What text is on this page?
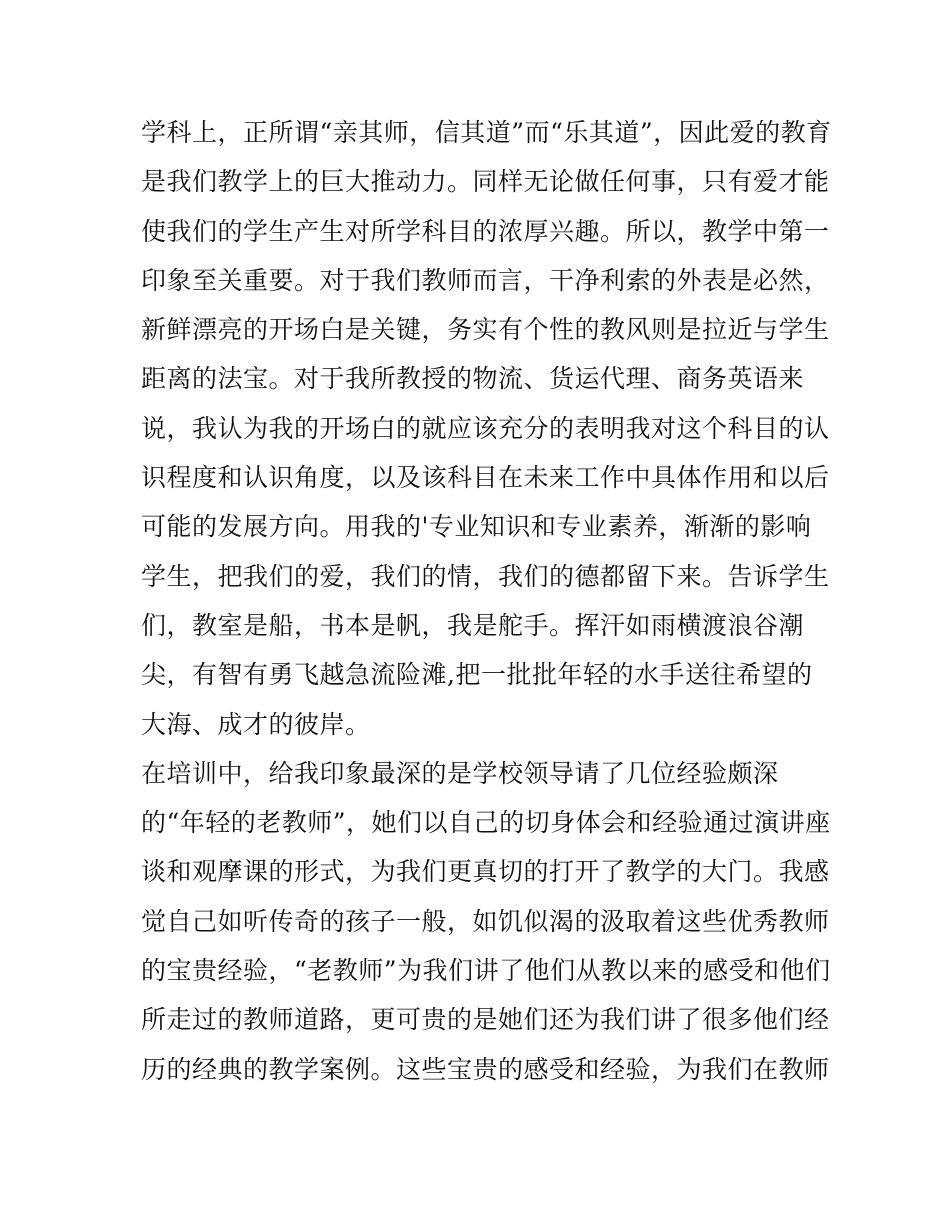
学科上，正所谓“亲其师，信其道”而“乐其道”，因此爱的教育
是我们教学上的巨大推动力。同样无论做任何事，只有爱才能
使我们的学生产生对所学科目的浓厚兴趣。所以，教学中第一
印象至关重要。对于我们教师而言，干净利索的外表是必然，
新鲜漂亮的开场白是关键，务实有个性的教风则是拉近与学生
距离的法宝。对于我所教授的物流、货运代理、商务英语来
说，我认为我的开场白的就应该充分的表明我对这个科目的认
识程度和认识角度，以及该科目在未来工作中具体作用和以后
可能的发展方向。用我的'专业知识和专业素养，渐渐的影响
学生，把我们的爱，我们的情，我们的德都留下来。告诉学生
们，教室是船，书本是帆，我是舵手。挥汗如雨横渡浪谷潮
尖，有智有勇飞越急流险滩,把一批批年轻的水手送往希望的
大海、成才的彼岸。
在培训中，给我印象最深的是学校领导请了几位经验颇深
的“年轻的老教师”，她们以自己的切身体会和经验通过演讲座
谈和观摩课的形式，为我们更真切的打开了教学的大门。我感
觉自己如听传奇的孩子一般，如饥似渴的汲取着这些优秀教师
的宝贵经验，“老教师”为我们讲了他们从教以来的感受和他们
所走过的教师道路，更可贵的是她们还为我们讲了很多他们经
历的经典的教学案例。这些宝贵的感受和经验，为我们在教师
